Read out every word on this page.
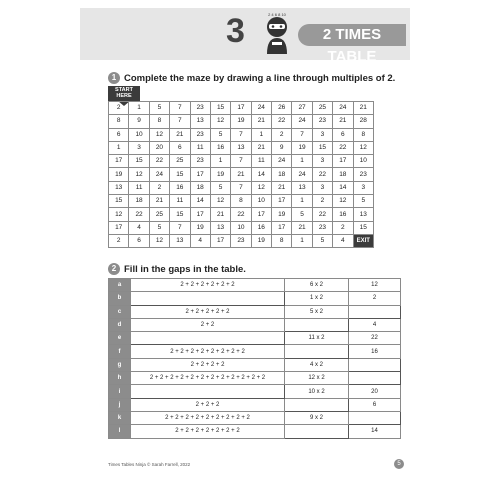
3	2 4 6 8 10
2 TIMES TABLE
1 Complete the maze by drawing a line through multiples of 2.
START HERE
2	1	5	7	23	15	17	24	26	27	25	24	21
8	9	8	7	13	12	19	21	22	24	23	21	28
6	10	12	21	23	5	7	1	2	7	3	6	8
1	3	20	6	11	16	13	21	9	19	15	22	12
17	15	22	25	23	1	7	11	24	1	3	17	10
19	12	24	15	17	19	21	14	18	24	22	18	23
13	11	2	16	18	5	7	12	21	13	3	14	3
15	18	21	11	14	12	8	10	17	1	2	12	5
12	22	25	15	17	21	22	17	19	5	22	16	13
17	4	5	7	19	13	10	16	17	21	23	2	15
2	6	12	13	4	17	23	19	8	1	5	4	EXIT
2 Fill in the gaps in the table.
a	2 + 2 + 2 + 2 + 2 + 2	6 x 2	12
b		1 x 2	2
c	2 + 2 + 2 + 2 + 2	5 x 2	
d	2 + 2		4
e		11 x 2	22
f	2 + 2 + 2 + 2 + 2 + 2 + 2 + 2		16
g	2 + 2 + 2 + 2	4 x 2	
h	2 + 2 + 2 + 2 + 2 + 2 + 2 + 2 + 2 + 2 + 2 + 2	12 x 2	
i		10 x 2	20
j	2 + 2 + 2		6
k	2 + 2 + 2 + 2 + 2 + 2 + 2 + 2 + 2	9 x 2	
l	2 + 2 + 2 + 2 + 2 + 2 + 2		14
Times Tables Ninja © Sarah Farrell, 2022	5
